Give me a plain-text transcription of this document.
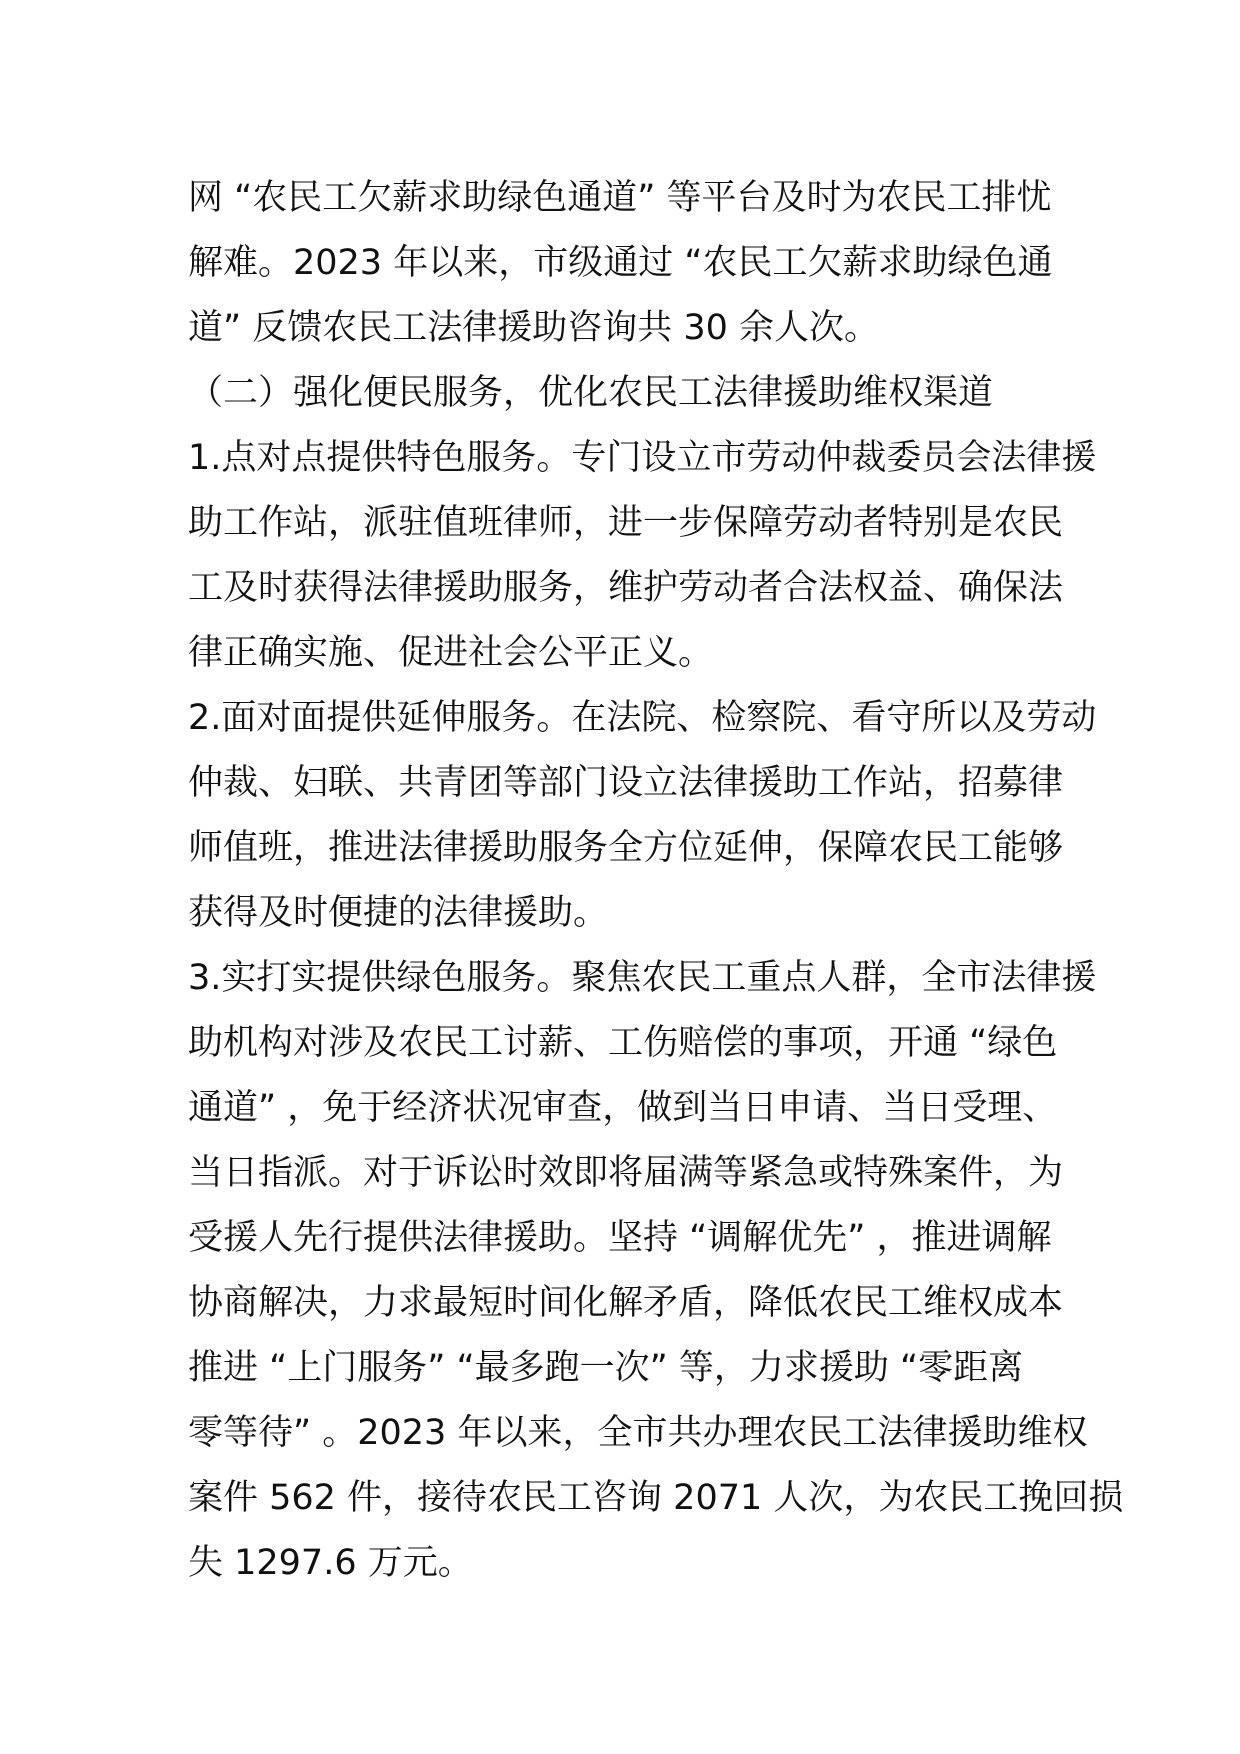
网 “农民工欠薪求助绿色通道” 等平台及时为农民工排忧
解难。2023 年以来，市级通过 “农民工欠薪求助绿色通
道” 反馈农民工法律援助咨询共 30 余人次。
（二）强化便民服务，优化农民工法律援助维权渠道
1.点对点提供特色服务。专门设立市劳动仲裁委员会法律援
助工作站，派驻值班律师，进一步保障劳动者特别是农民
工及时获得法律援助服务，维护劳动者合法权益、确保法
律正确实施、促进社会公平正义。
2.面对面提供延伸服务。在法院、检察院、看守所以及劳动
仲裁、妇联、共青团等部门设立法律援助工作站，招募律
师值班，推进法律援助服务全方位延伸，保障农民工能够
获得及时便捷的法律援助。
3.实打实提供绿色服务。聚焦农民工重点人群，全市法律援
助机构对涉及农民工讨薪、工伤赔偿的事项，开通 “绿色
通道” ，免于经济状况审查，做到当日申请、当日受理、
当日指派。对于诉讼时效即将届满等紧急或特殊案件，为
受援人先行提供法律援助。坚持 “调解优先” ，推进调解
协商解决，力求最短时间化解矛盾，降低农民工维权成本
推进 “上门服务” “最多跑一次” 等，力求援助 “零距离
零等待” 。2023 年以来，全市共办理农民工法律援助维权
案件 562 件，接待农民工咨询 2071 人次，为农民工挽回损
失 1297.6 万元。
